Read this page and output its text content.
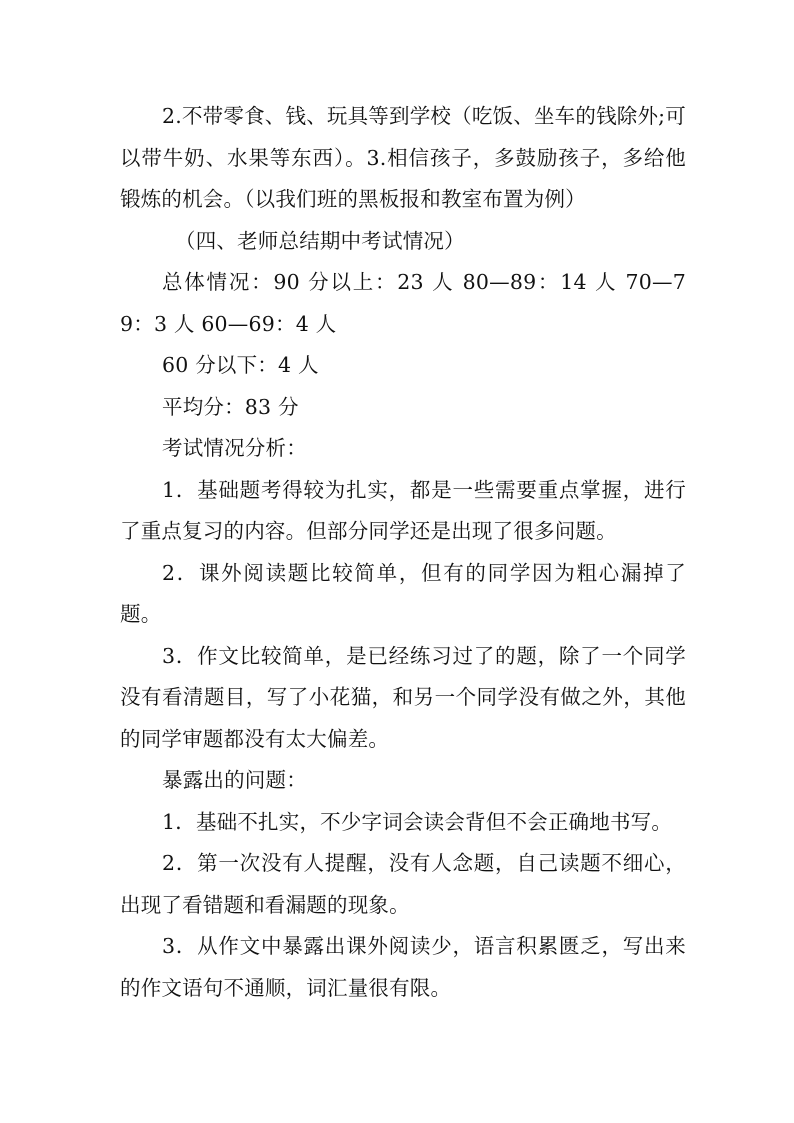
2.不带零食、钱、玩具等到学校（吃饭、坐车的钱除外;可以带牛奶、水果等东西）。3.相信孩子，多鼓励孩子，多给他锻炼的机会。（以我们班的黑板报和教室布置为例）

（四、老师总结期中考试情况）

总体情况：90 分以上：23 人 80—89：14 人 70—79：3 人 60—69：4 人

60 分以下：4 人

平均分：83 分

考试情况分析：

1．基础题考得较为扎实，都是一些需要重点掌握，进行了重点复习的内容。但部分同学还是出现了很多问题。

2．课外阅读题比较简单，但有的同学因为粗心漏掉了题。

3．作文比较简单，是已经练习过了的题，除了一个同学没有看清题目，写了小花猫，和另一个同学没有做之外，其他的同学审题都没有太大偏差。

暴露出的问题：

1．基础不扎实，不少字词会读会背但不会正确地书写。

2．第一次没有人提醒，没有人念题，自己读题不细心，出现了看错题和看漏题的现象。

3．从作文中暴露出课外阅读少，语言积累匮乏，写出来的作文语句不通顺，词汇量很有限。
